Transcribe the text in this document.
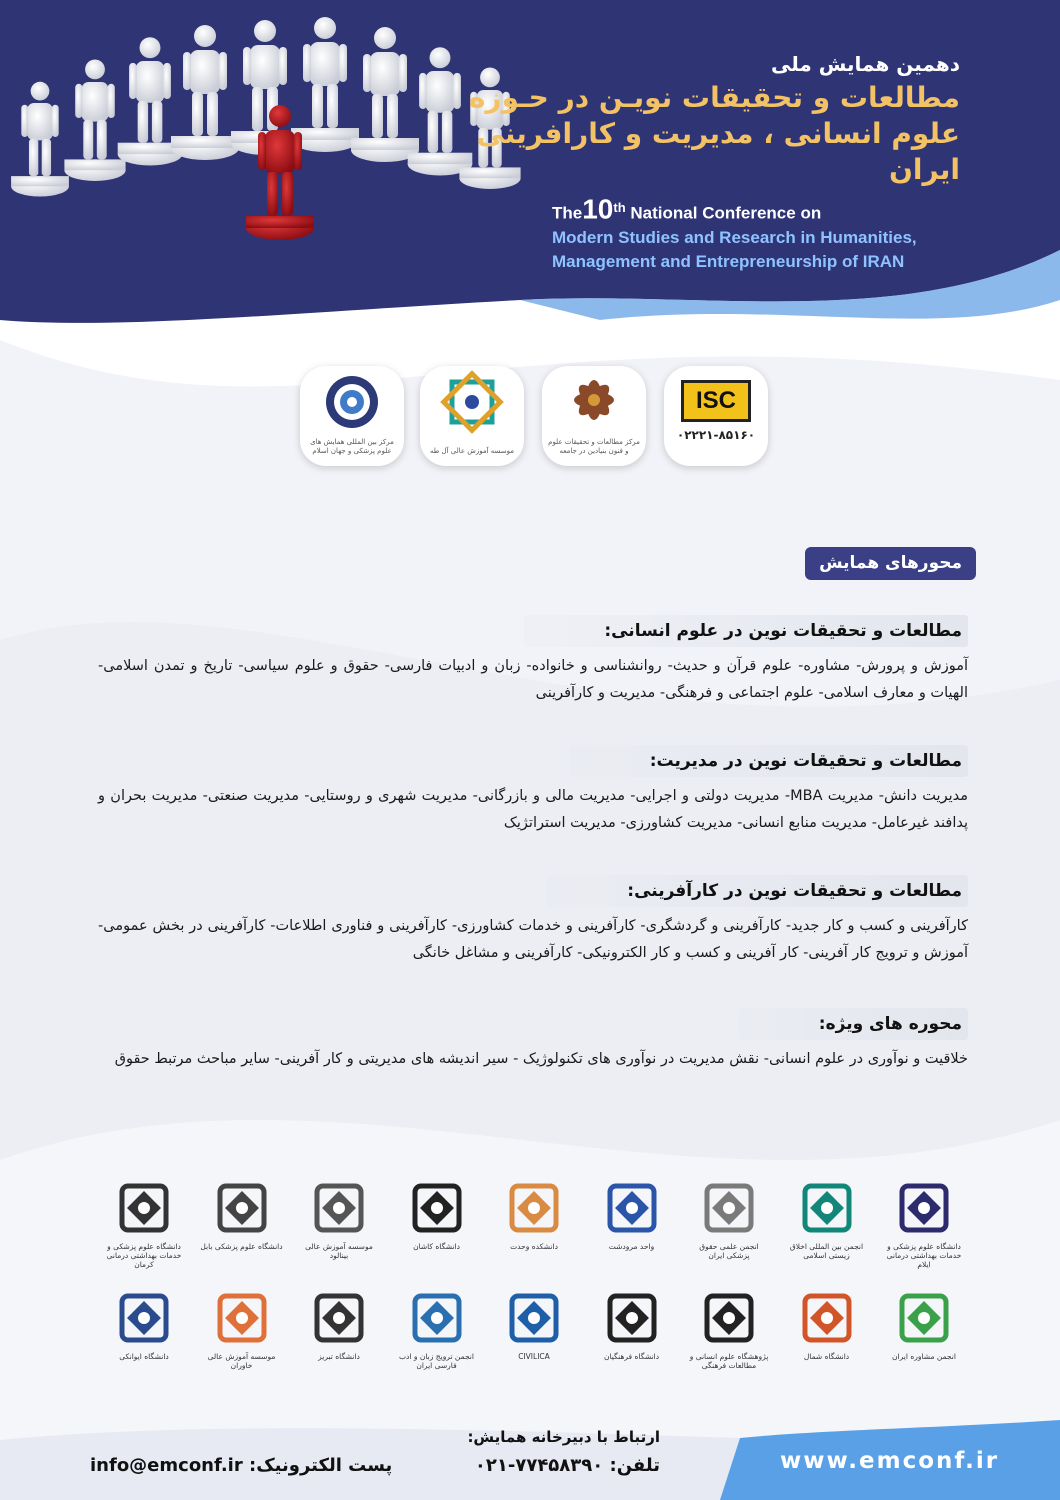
دهمین همایش ملی
مطالعات و تحقیقات نویـن در حـوزه
علوم انسانی ، مدیریت و کارافرینی ایران
The10th National Conference on
Modern Studies and Research in Humanities,
Management and Entrepreneurship of IRAN
مرکز بین المللی همایش های علوم پزشکی و جهان اسلام	موسسه آموزش عالی آل طه
مرکز مطالعات و تحقیقات علوم و فنون بنیادین در جامعه
ISC
۰۲۲۲۱-۸۵۱۶۰
محورهای همایش
مطالعات و تحقیقات نوین در علوم انسانی:
آموزش و پرورش- مشاوره- علوم قرآن و حدیث- روانشناسی و خانواده- زبان و ادبیات فارسی- حقوق و علوم سیاسی- تاریخ و تمدن اسلامی- الهیات و معارف اسلامی- علوم اجتماعی و فرهنگی- مدیریت و کارآفرینی
مطالعات و تحقیقات نوین در مدیریت:
مدیریت دانش- مدیریت MBA- مدیریت دولتی و اجرایی- مدیریت مالی و بازرگانی- مدیریت شهری و روستایی- مدیریت صنعتی- مدیریت بحران و پدافند غیرعامل- مدیریت منابع انسانی- مدیریت کشاورزی- مدیریت استراتژیک
مطالعات و تحقیقات نوین در کارآفرینی:
کارآفرینی و کسب و کار جدید- کارآفرینی و گردشگری- کارآفرینی و خدمات کشاورزی- کارآفرینی و فناوری اطلاعات- کارآفرینی در بخش عمومی- آموزش و ترویج کار آفرینی- کار آفرینی و کسب و کار الکترونیکی- کارآفرینی و مشاغل خانگی
محوره های ویژه:
خلاقیت و نوآوری در علوم انسانی- نقش مدیریت در نوآوری های تکنولوژیک - سیر اندیشه های مدیریتی و کار آفرینی- سایر مباحث مرتبط حقوق
دانشگاه علوم پزشکی و خدمات بهداشتی درمانی ایلام
انجمن بین المللی اخلاق زیستی اسلامی
انجمن علمی حقوق پزشکی ایران
واحد مرودشت
دانشکده وحدت
دانشگاه کاشان
موسسه آموزش عالی بینالود
دانشگاه علوم پزشکی بابل
دانشگاه علوم پزشکی و خدمات بهداشتی درمانی کرمان
انجمن مشاوره ایران
دانشگاه شمال
پژوهشگاه علوم انسانی و مطالعات فرهنگی
دانشگاه فرهنگیان
CIVILICA
انجمن ترویج زبان و ادب فارسی ایران
دانشگاه تبریز
موسسه آموزش عالی خاوران
دانشگاه ایوانکی
ارتباط با دبیرخانه همایش:
تلفن: ۰۲۱-۷۷۴۵۸۳۹۰
پست الکترونیک: info@emconf.ir	www.emconf.ir
